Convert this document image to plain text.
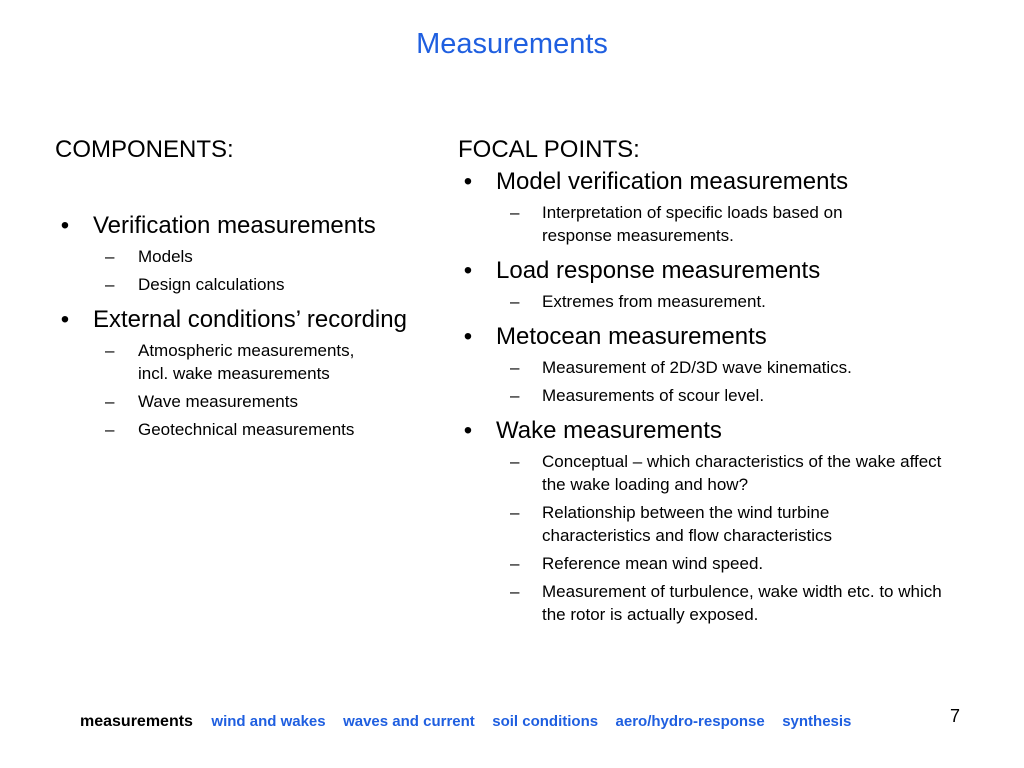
Measurements

COMPONENTS:

• Verification measurements
– Models
– Design calculations
• External conditions’ recording
– Atmospheric measurements, incl. wake measurements
– Wave measurements
– Geotechnical measurements

FOCAL POINTS:

• Model verification measurements
– Interpretation of specific loads based on response measurements.
• Load response measurements
– Extremes from measurement.
• Metocean measurements
– Measurement of 2D/3D wave kinematics.
– Measurements of scour level.
• Wake measurements
– Conceptual – which characteristics of the wake affect the wake loading and how?
– Relationship between the wind turbine characteristics and flow characteristics
– Reference mean wind speed.
– Measurement of turbulence, wake width etc. to which the rotor is actually exposed.
measurements wind and wakes waves and current soil conditions aero/hydro-response synthesis	7
